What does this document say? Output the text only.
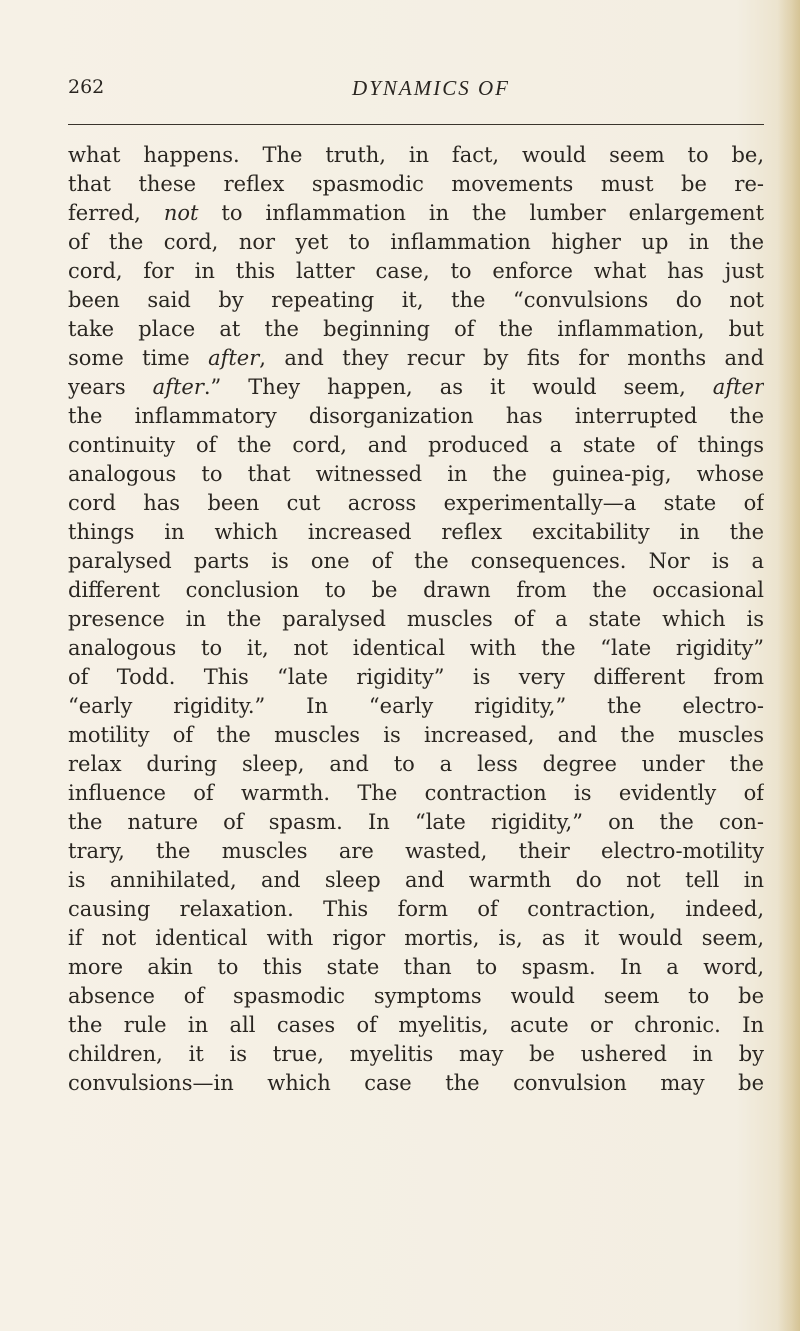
262	DYNAMICS OF
what happens. The truth, in fact, would seem to be,
that these reflex spasmodic movements must be re-
ferred, not to inflammation in the lumber enlargement
of the cord, nor yet to inflammation higher up in the
cord, for in this latter case, to enforce what has just
been said by repeating it, the “convulsions do not
take place at the beginning of the inflammation, but
some time after, and they recur by fits for months and
years after.” They happen, as it would seem, after
the inflammatory disorganization has interrupted the
continuity of the cord, and produced a state of things
analogous to that witnessed in the guinea-pig, whose
cord has been cut across experimentally—a state of
things in which increased reflex excitability in the
paralysed parts is one of the consequences. Nor is a
different conclusion to be drawn from the occasional
presence in the paralysed muscles of a state which is
analogous to it, not identical with the “late rigidity”
of Todd. This “late rigidity” is very different from
“early rigidity.” In “early rigidity,” the electro-
motility of the muscles is increased, and the muscles
relax during sleep, and to a less degree under the
influence of warmth. The contraction is evidently of
the nature of spasm. In “late rigidity,” on the con-
trary, the muscles are wasted, their electro-motility
is annihilated, and sleep and warmth do not tell in
causing relaxation. This form of contraction, indeed,
if not identical with rigor mortis, is, as it would seem,
more akin to this state than to spasm. In a word,
absence of spasmodic symptoms would seem to be
the rule in all cases of myelitis, acute or chronic. In
children, it is true, myelitis may be ushered in by
convulsions—in which case the convulsion may be
